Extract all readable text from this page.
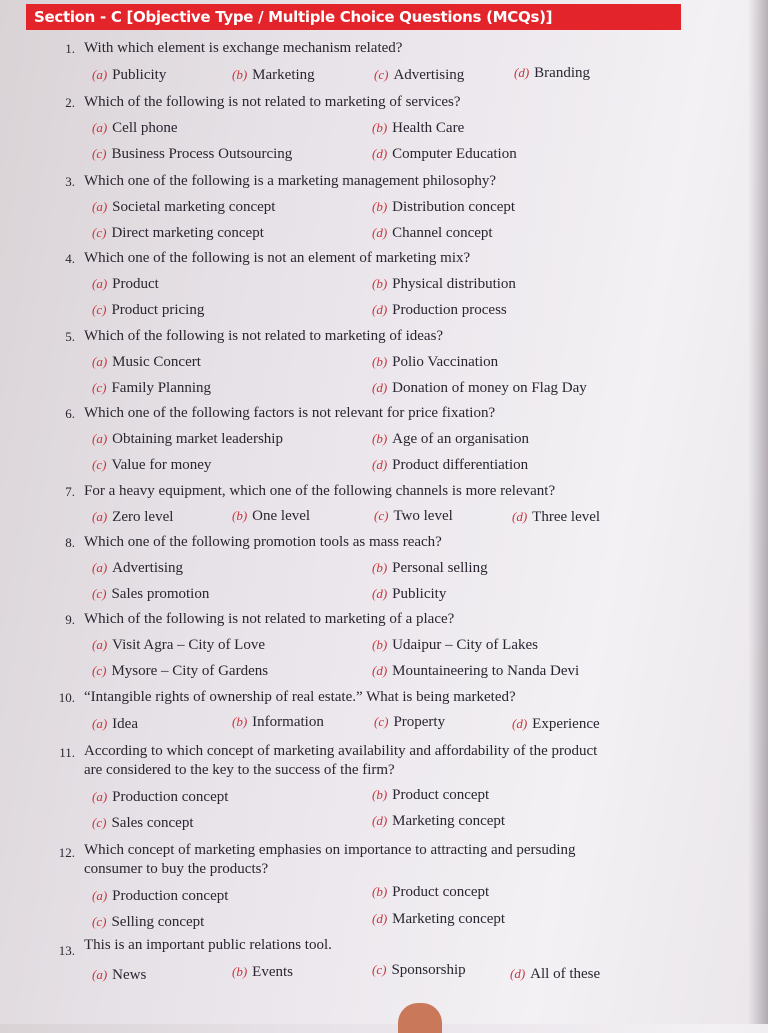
Section - C [Objective Type / Multiple Choice Questions (MCQs)]
1. With which element is exchange mechanism related?
(a) Publicity	(b) Marketing	(c) Advertising	(d) Branding
2. Which of the following is not related to marketing of services?
(a) Cell phone	(b) Health Care
(c) Business Process Outsourcing	(d) Computer Education
3. Which one of the following is a marketing management philosophy?
(a) Societal marketing concept	(b) Distribution concept
(c) Direct marketing concept	(d) Channel concept
4. Which one of the following is not an element of marketing mix?
(a) Product	(b) Physical distribution
(c) Product pricing	(d) Production process
5. Which of the following is not related to marketing of ideas?
(a) Music Concert	(b) Polio Vaccination
(c) Family Planning	(d) Donation of money on Flag Day
6. Which one of the following factors is not relevant for price fixation?
(a) Obtaining market leadership	(b) Age of an organisation
(c) Value for money	(d) Product differentiation
7. For a heavy equipment, which one of the following channels is more relevant?
(a) Zero level	(b) One level	(c) Two level	(d) Three level
8. Which one of the following promotion tools as mass reach?
(a) Advertising	(b) Personal selling
(c) Sales promotion	(d) Publicity
9. Which of the following is not related to marketing of a place?
(a) Visit Agra – City of Love	(b) Udaipur – City of Lakes
(c) Mysore – City of Gardens	(d) Mountaineering to Nanda Devi
10. “Intangible rights of ownership of real estate.” What is being marketed?
(a) Idea	(b) Information	(c) Property	(d) Experience
11. According to which concept of marketing availability and affordability of the product
are considered to the key to the success of the firm?
(a) Production concept	(b) Product concept
(c) Sales concept	(d) Marketing concept
12. Which concept of marketing emphasies on importance to attracting and persuding
consumer to buy the products?
(a) Production concept	(b) Product concept
(c) Selling concept	(d) Marketing concept
13. This is an important public relations tool.
(a) News	(b) Events	(c) Sponsorship	(d) All of these
